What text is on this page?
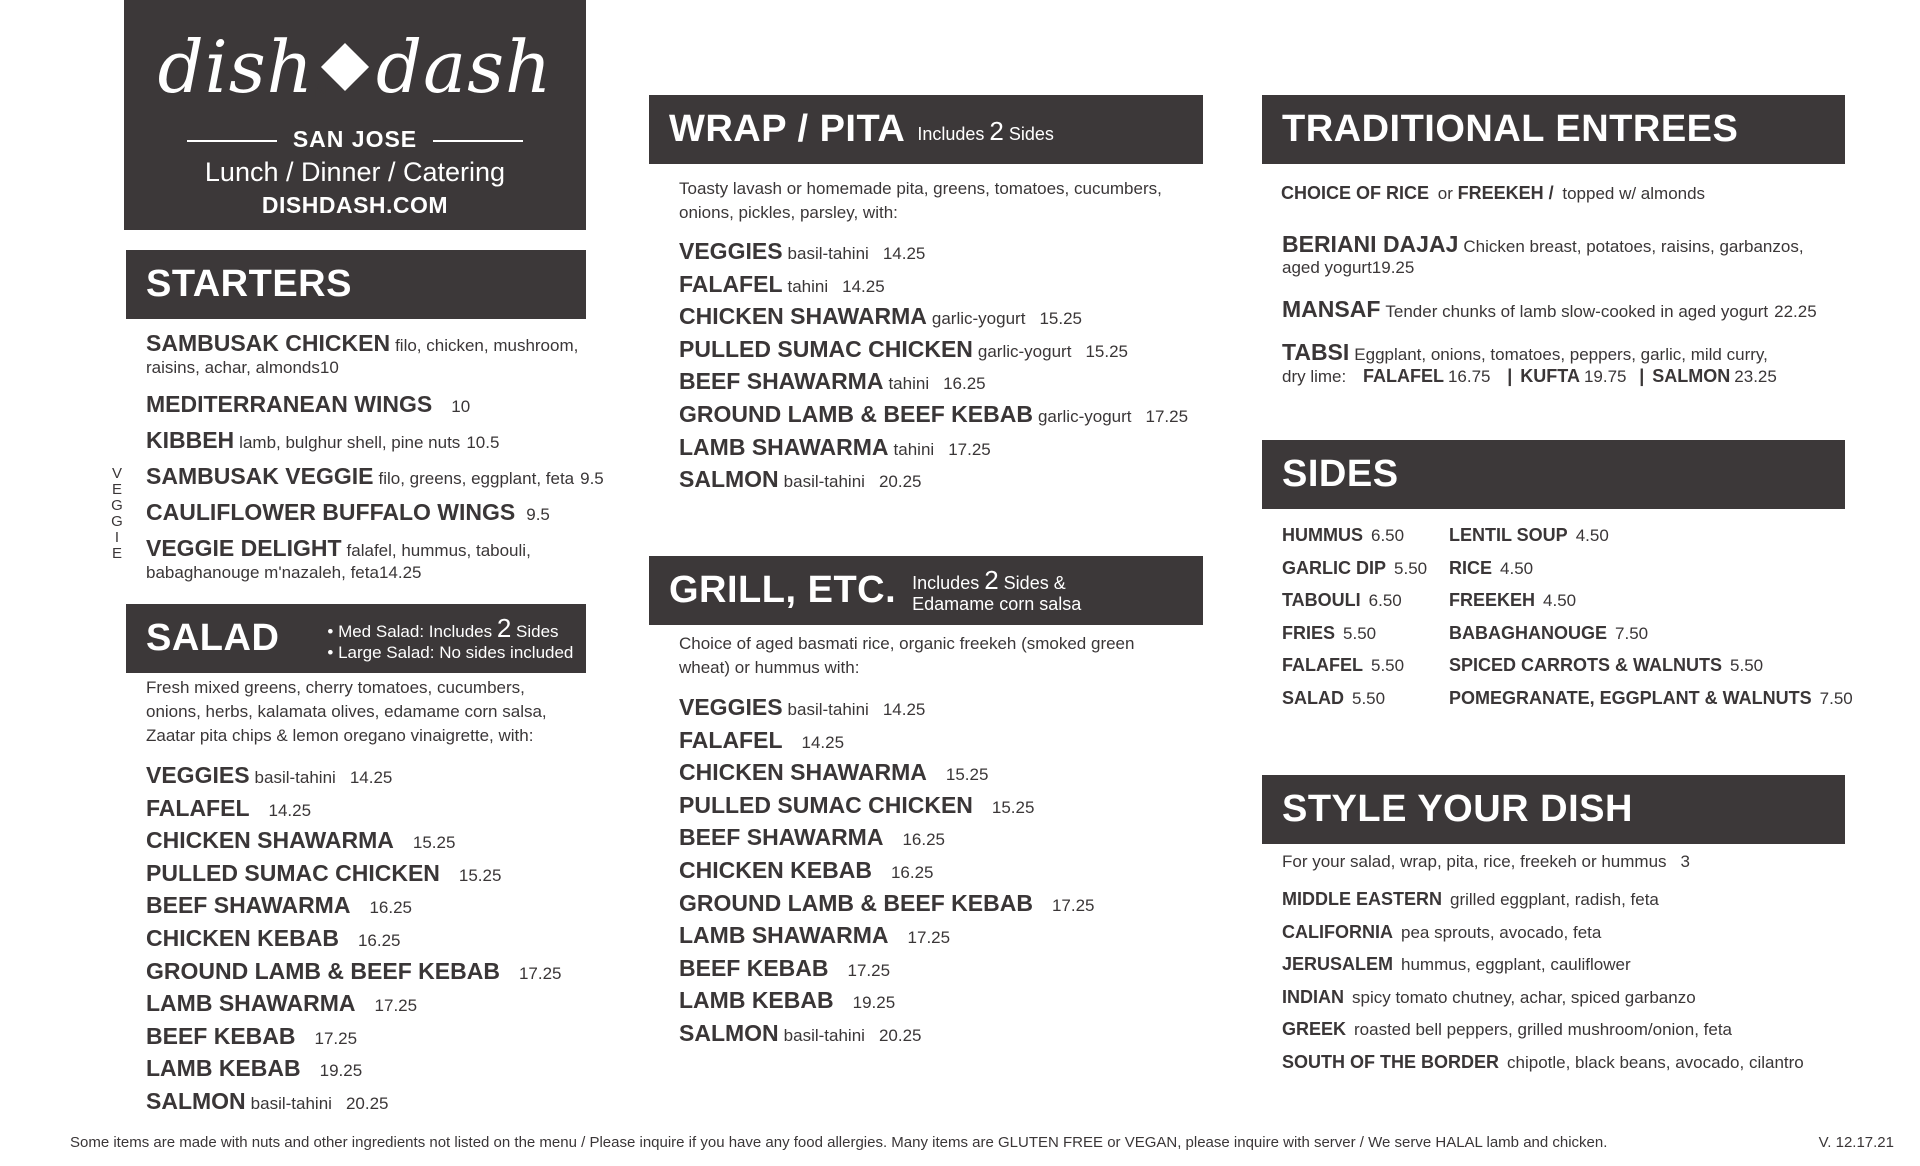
dish N dash
SAN JOSE
Lunch / Dinner / Catering
DISHDASH.COM
STARTERS
SAMBUSAK CHICKEN filo, chicken, mushroom,
raisins, achar, almonds10
MEDITERRANEAN WINGS 10
KIBBEH lamb, bulghur shell, pine nuts 10.5
SAMBUSAK VEGGIE filo, greens, eggplant, feta 9.5
CAULIFLOWER BUFFALO WINGS 9.5
VEGGIE DELIGHT falafel, hummus, tabouli,
babaghanouge m'nazaleh, feta14.25
VEGGIE
SALAD	• Med Salad: Includes 2 Sides
• Large Salad: No sides included
Fresh mixed greens, cherry tomatoes, cucumbers, onions, herbs, kalamata olives, edamame corn salsa, Zaatar pita chips & lemon oregano vinaigrette, with:
VEGGIES basil-tahini 14.25
FALAFEL 14.25
CHICKEN SHAWARMA 15.25
PULLED SUMAC CHICKEN 15.25
BEEF SHAWARMA 16.25
CHICKEN KEBAB 16.25
GROUND LAMB & BEEF KEBAB 17.25
LAMB SHAWARMA 17.25
BEEF KEBAB 17.25
LAMB KEBAB 19.25
SALMON basil-tahini 20.25
WRAP / PITA Includes 2 Sides
Toasty lavash or homemade pita, greens, tomatoes, cucumbers, onions, pickles, parsley, with:
VEGGIES basil-tahini 14.25
FALAFEL tahini 14.25
CHICKEN SHAWARMA garlic-yogurt 15.25
PULLED SUMAC CHICKEN garlic-yogurt 15.25
BEEF SHAWARMA tahini 16.25
GROUND LAMB & BEEF KEBAB garlic-yogurt 17.25
LAMB SHAWARMA tahini 17.25
SALMON basil-tahini 20.25
GRILL, ETC. Includes 2 Sides &
Edamame corn salsa
Choice of aged basmati rice, organic freekeh (smoked green wheat) or hummus with:
VEGGIES basil-tahini 14.25
FALAFEL 14.25
CHICKEN SHAWARMA 15.25
PULLED SUMAC CHICKEN 15.25
BEEF SHAWARMA 16.25
CHICKEN KEBAB 16.25
GROUND LAMB & BEEF KEBAB 17.25
LAMB SHAWARMA 17.25
BEEF KEBAB 17.25
LAMB KEBAB 19.25
SALMON basil-tahini 20.25
TRADITIONAL ENTREES
CHOICE OF RICE or FREEKEH / topped w/ almonds
BERIANI DAJAJ Chicken breast, potatoes, raisins, garbanzos,
aged yogurt19.25
MANSAF Tender chunks of lamb slow-cooked in aged yogurt 22.25
TABSI Eggplant, onions, tomatoes, peppers, garlic, mild curry,
dry lime: FALAFEL 16.75 | KUFTA 19.75 | SALMON 23.25
SIDES
HUMMUS 6.50
GARLIC DIP 5.50
TABOULI 6.50
FRIES 5.50
FALAFEL 5.50
SALAD 5.50
LENTIL SOUP 4.50
RICE 4.50
FREEKEH 4.50
BABAGHANOUGE 7.50
SPICED CARROTS & WALNUTS 5.50
POMEGRANATE, EGGPLANT & WALNUTS 7.50
STYLE YOUR DISH
For your salad, wrap, pita, rice, freekeh or hummus 3
MIDDLE EASTERN grilled eggplant, radish, feta
CALIFORNIA pea sprouts, avocado, feta
JERUSALEM hummus, eggplant, cauliflower
INDIAN spicy tomato chutney, achar, spiced garbanzo
GREEK roasted bell peppers, grilled mushroom/onion, feta
SOUTH OF THE BORDER chipotle, black beans, avocado, cilantro
Some items are made with nuts and other ingredients not listed on the menu / Please inquire if you have any food allergies. Many items are GLUTEN FREE or VEGAN, please inquire with server / We serve HALAL lamb and chicken.	V. 12.17.21
